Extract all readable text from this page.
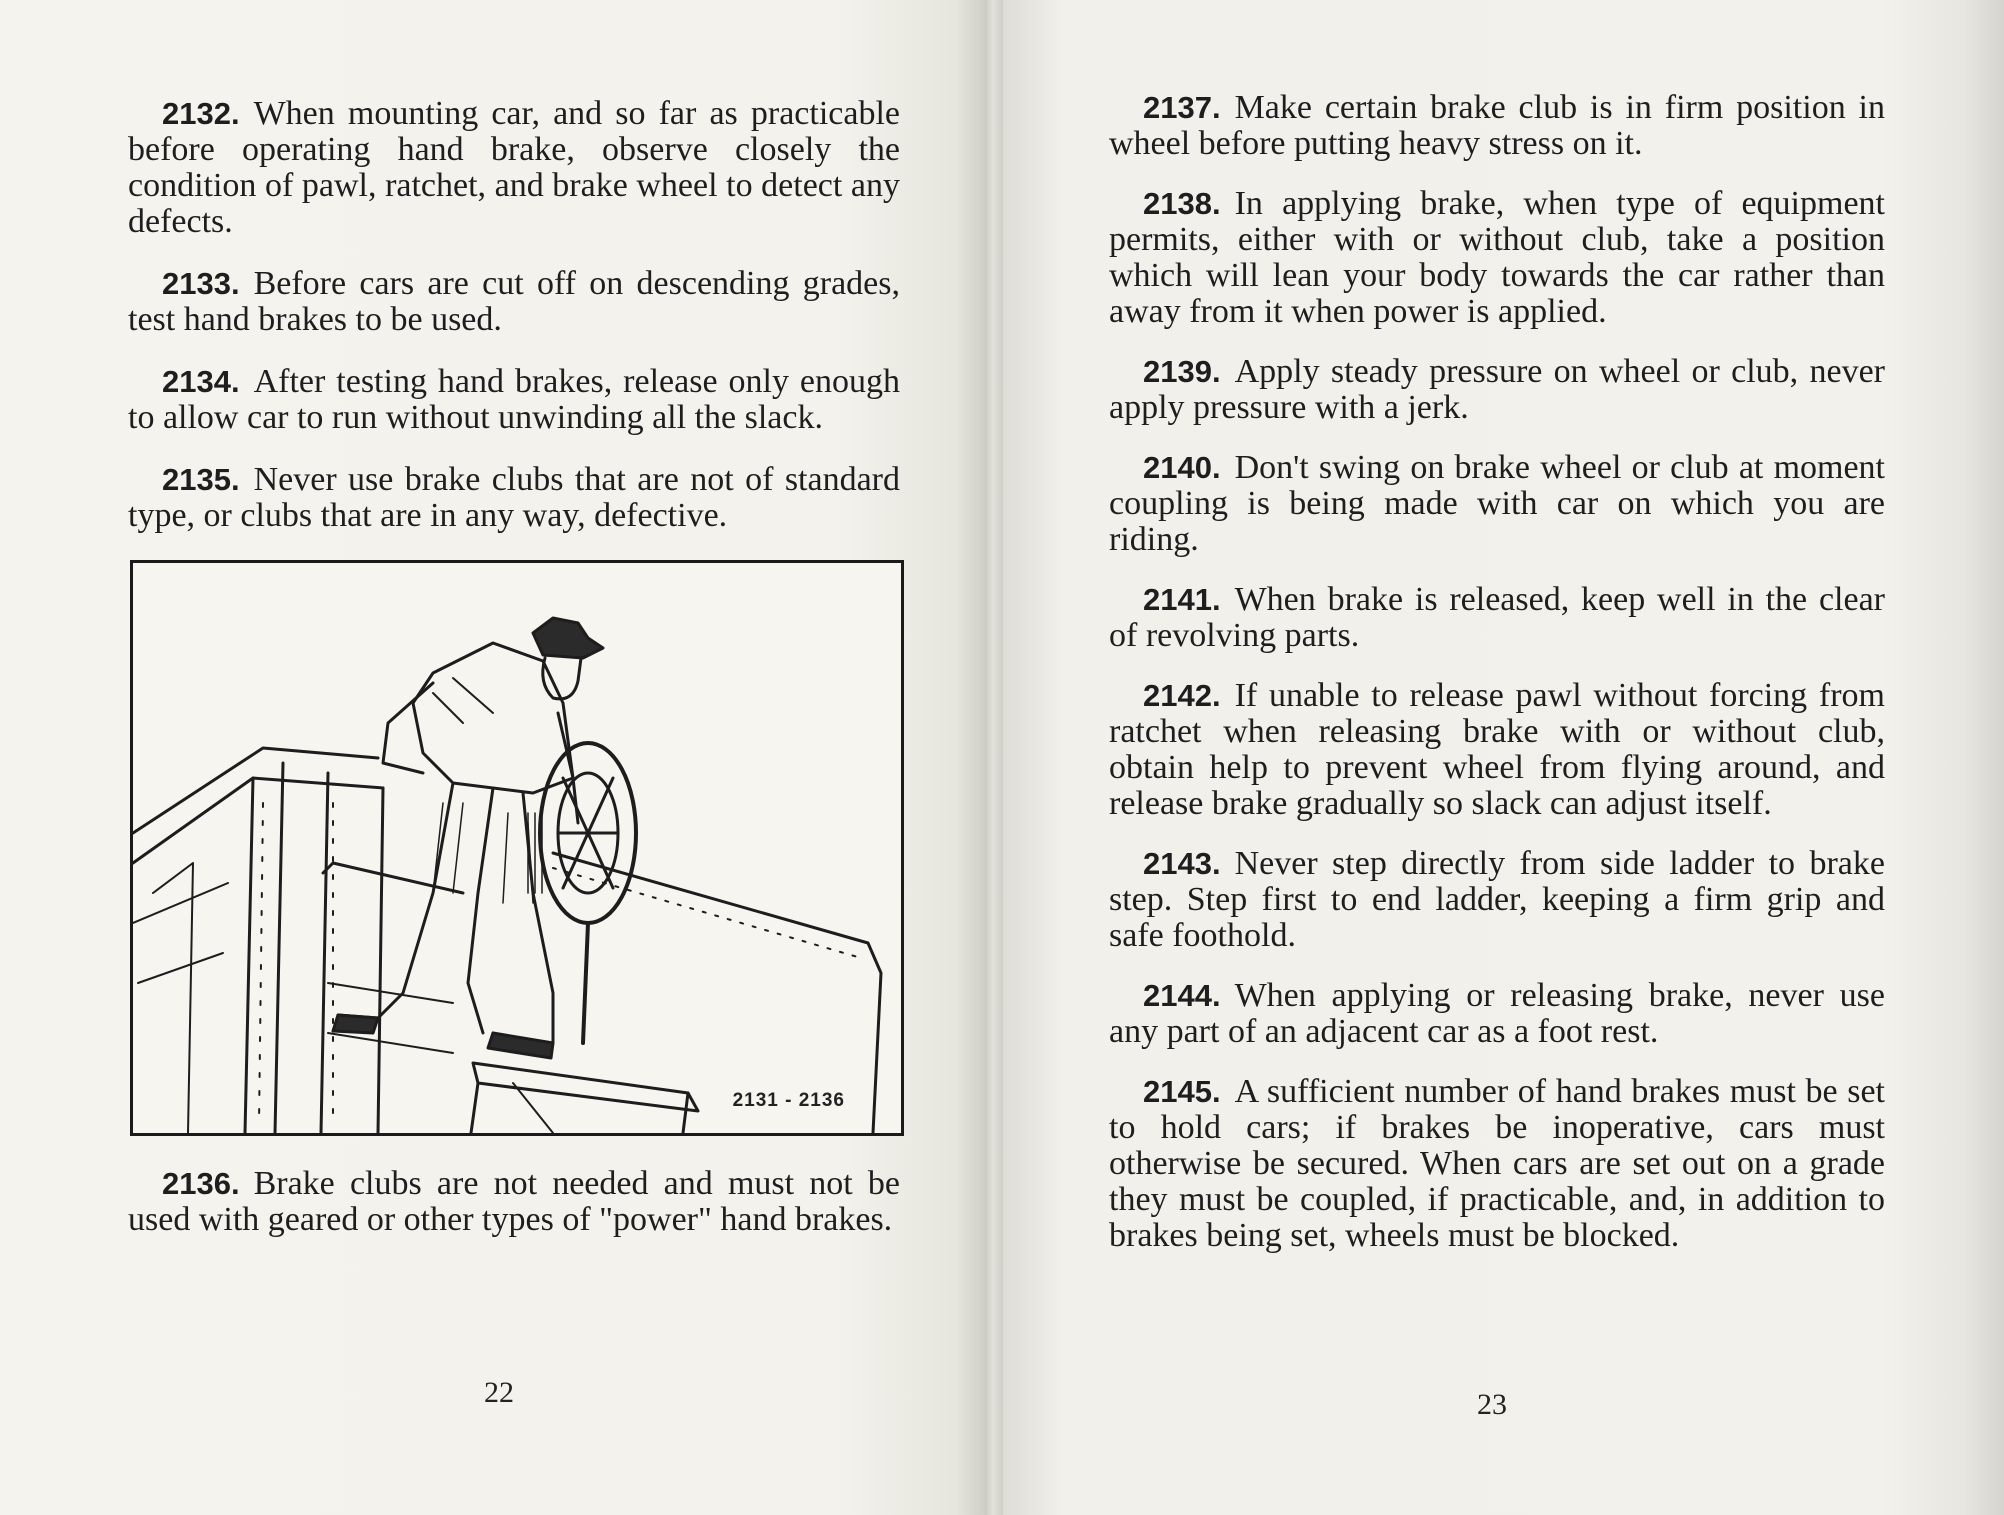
2132. When mounting car, and so far as practicable before operating hand brake, observe closely the condition of pawl, ratchet, and brake wheel to detect any defects.

2133. Before cars are cut off on descending grades, test hand brakes to be used.

2134. After testing hand brakes, release only enough to allow car to run without unwinding all the slack.

2135. Never use brake clubs that are not of standard type, or clubs that are in any way, defective.

2131 - 2136

2136. Brake clubs are not needed and must not be used with geared or other types of "power" hand brakes.

22

2137. Make certain brake club is in firm position in wheel before putting heavy stress on it.

2138. In applying brake, when type of equipment permits, either with or without club, take a position which will lean your body towards the car rather than away from it when power is applied.

2139. Apply steady pressure on wheel or club, never apply pressure with a jerk.

2140. Don't swing on brake wheel or club at moment coupling is being made with car on which you are riding.

2141. When brake is released, keep well in the clear of revolving parts.

2142. If unable to release pawl without forcing from ratchet when releasing brake with or without club, obtain help to prevent wheel from flying around, and release brake gradually so slack can adjust itself.

2143. Never step directly from side ladder to brake step. Step first to end ladder, keeping a firm grip and safe foothold.

2144. When applying or releasing brake, never use any part of an adjacent car as a foot rest.

2145. A sufficient number of hand brakes must be set to hold cars; if brakes be inoperative, cars must otherwise be secured. When cars are set out on a grade they must be coupled, if practicable, and, in addition to brakes being set, wheels must be blocked.

23
